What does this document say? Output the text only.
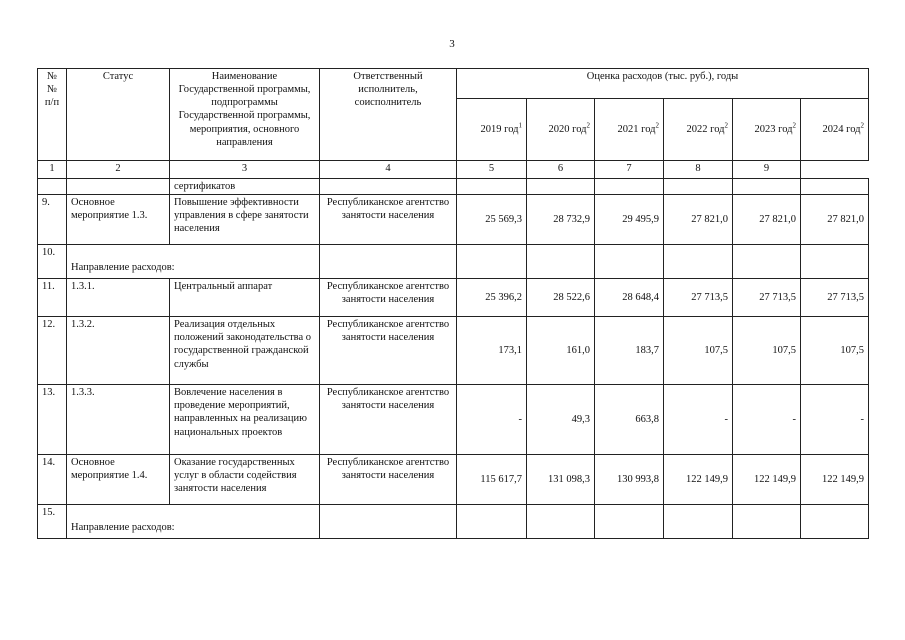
3
№
№
п/п	Статус	Наименование Государственной программы, подпрограммы Государственной программы, мероприятия, основного направления	Ответственный исполнитель, соисполнитель	Оценка расходов (тыс. руб.), годы					
				2019 год$^1$	2020 год$^2$	2021 год$^2$	2022 год$^2$	2023 год$^2$	2024 год$^2$
1	2	3	4	5	6	7	8	9	
		сертификатов							
9.	Основное мероприятие 1.3.	Повышение эффективности управления в сфере занятости населения	Республиканское агентство занятости населения	25 569,3	28 732,9	29 495,9	27 821,0	27 821,0	27 821,0
10.	Направление расходов:								
11.	1.3.1.	Центральный аппарат	Республиканское агентство занятости населения	25 396,2	28 522,6	28 648,4	27 713,5	27 713,5	27 713,5
12.	1.3.2.	Реализация отдельных положений законодательства о государственной гражданской службы	Республиканское агентство занятости населения	173,1	161,0	183,7	107,5	107,5	107,5
13.	1.3.3.	Вовлечение населения в проведение мероприятий, направленных на реализацию национальных проектов	Республиканское агентство занятости населения	-	49,3	663,8	-	-	-
14.	Основное мероприятие 1.4.	Оказание государственных услуг в области содействия занятости населения	Республиканское агентство занятости населения	115 617,7	131 098,3	130 993,8	122 149,9	122 149,9	122 149,9
15.	Направление расходов:								
